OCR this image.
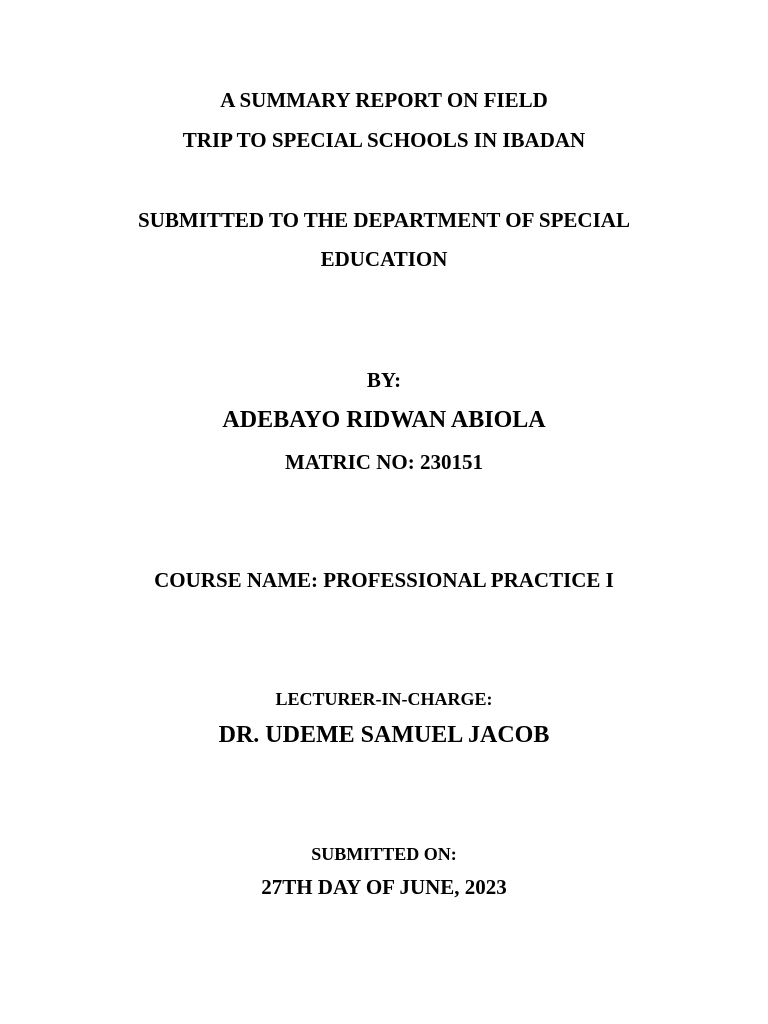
A SUMMARY REPORT ON FIELD
TRIP TO SPECIAL SCHOOLS IN IBADAN
SUBMITTED TO THE DEPARTMENT OF SPECIAL
EDUCATION
BY:
ADEBAYO RIDWAN ABIOLA
MATRIC NO: 230151
COURSE NAME: PROFESSIONAL PRACTICE I
LECTURER-IN-CHARGE:
DR. UDEME SAMUEL JACOB
SUBMITTED ON:
27TH DAY OF JUNE, 2023
